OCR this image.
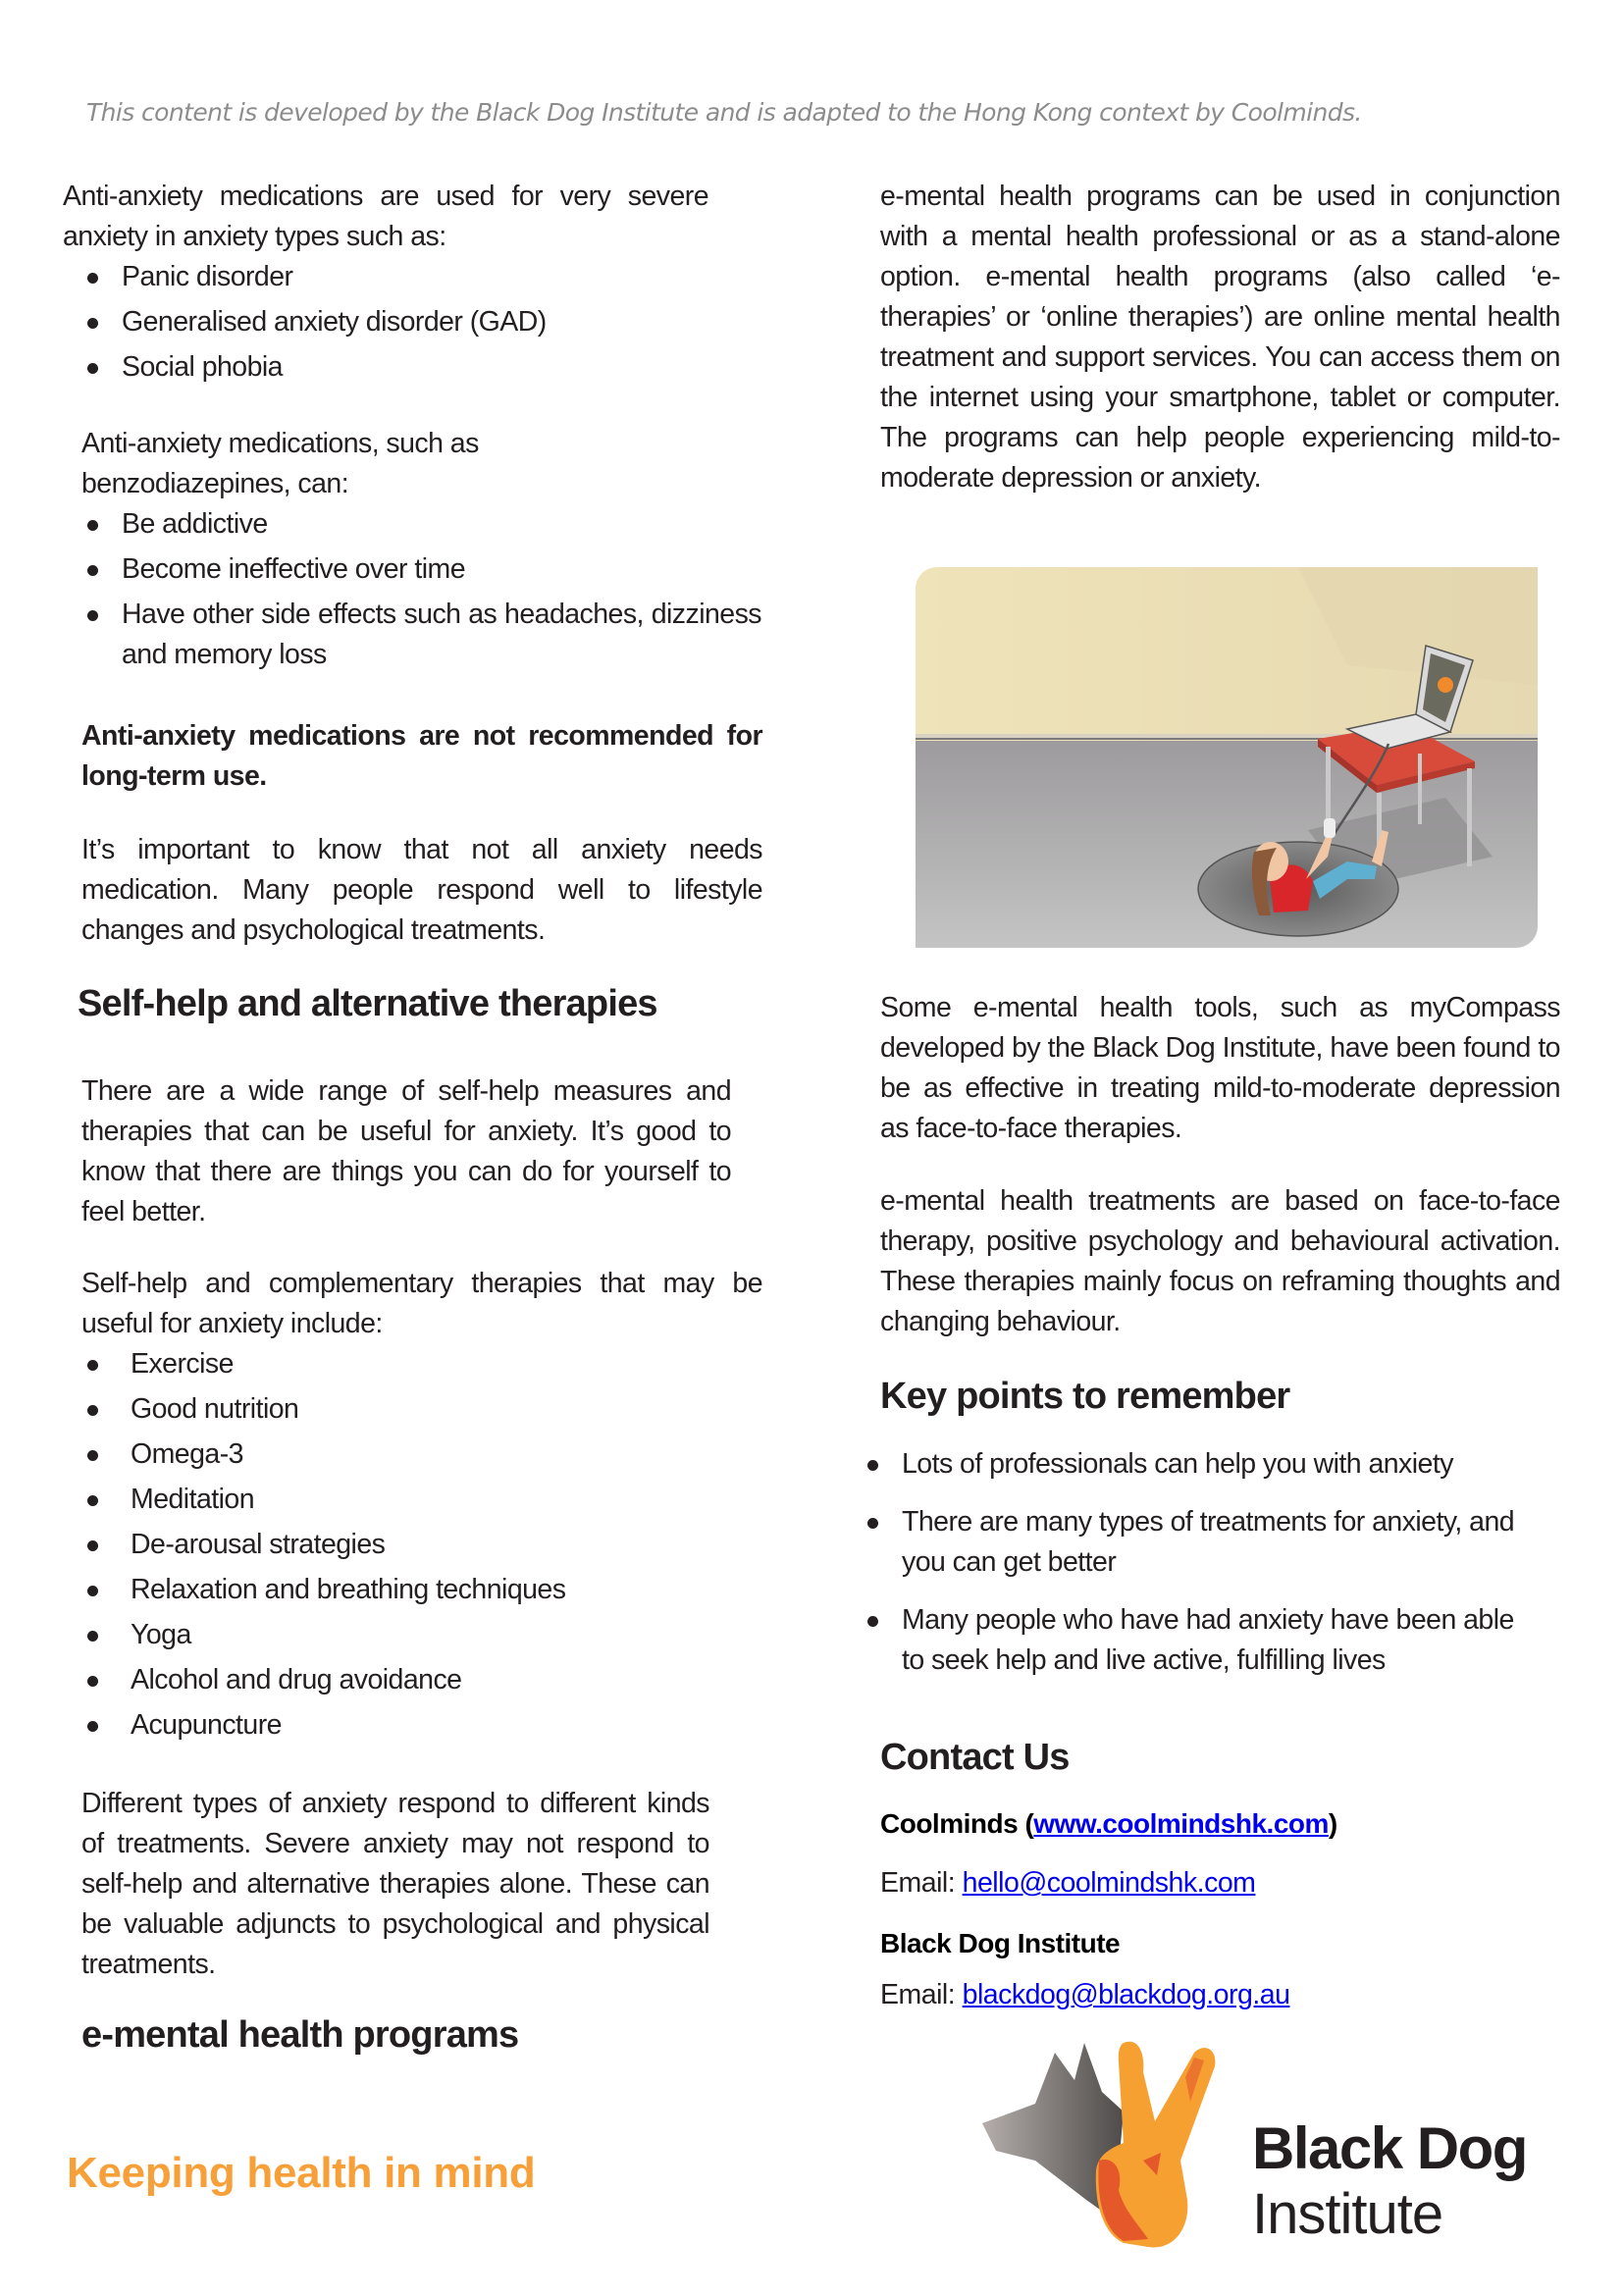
This content is developed by the Black Dog Institute and is adapted to the Hong Kong context by Coolminds.

Anti-anxiety medications are used for very severe anxiety in anxiety types such as:

Panic disorder
Generalised anxiety disorder (GAD)
Social phobia

Anti-anxiety medications, such as
benzodiazepines, can:

Be addictive
Become ineffective over time
Have other side effects such as headaches, dizziness and memory loss

Anti-anxiety medications are not recommended for long-term use.

It’s important to know that not all anxiety needs medication. Many people respond well to lifestyle changes and psychological treatments.

Self-help and alternative therapies

There are a wide range of self-help measures and therapies that can be useful for anxiety. It’s good to know that there are things you can do for yourself to feel better.

Self-help and complementary therapies that may be useful for anxiety include:

Exercise
Good nutrition
Omega-3
Meditation
De-arousal strategies
Relaxation and breathing techniques
Yoga
Alcohol and drug avoidance
Acupuncture

Different types of anxiety respond to different kinds of treatments. Severe anxiety may not respond to self-help and alternative therapies alone. These can be valuable adjuncts to psychological and physical treatments.

e-mental health programs
Keeping health in mind

e-mental health programs can be used in conjunction with a mental health professional or as a stand-alone option. e-mental health programs (also called ‘e-therapies’ or ‘online therapies’) are online mental health treatment and support services. You can access them on the internet using your smartphone, tablet or computer. The programs can help people experiencing mild-to-moderate depression or anxiety.

Some e-mental health tools, such as myCompass developed by the Black Dog Institute, have been found to be as effective in treating mild-to-moderate depression as face-to-face therapies.

e-mental health treatments are based on face-to-face therapy, positive psychology and behavioural activation. These therapies mainly focus on reframing thoughts and changing behaviour.

Key points to remember
Lots of professionals can help you with anxiety
There are many types of treatments for anxiety, and you can get better
Many people who have had anxiety have been able to seek help and live active, fulfilling lives
Contact Us
Coolminds (www.coolmindshk.com)
Email: hello@coolmindshk.com
Black Dog Institute
Email: blackdog@blackdog.org.au
Black Dog
Institute
